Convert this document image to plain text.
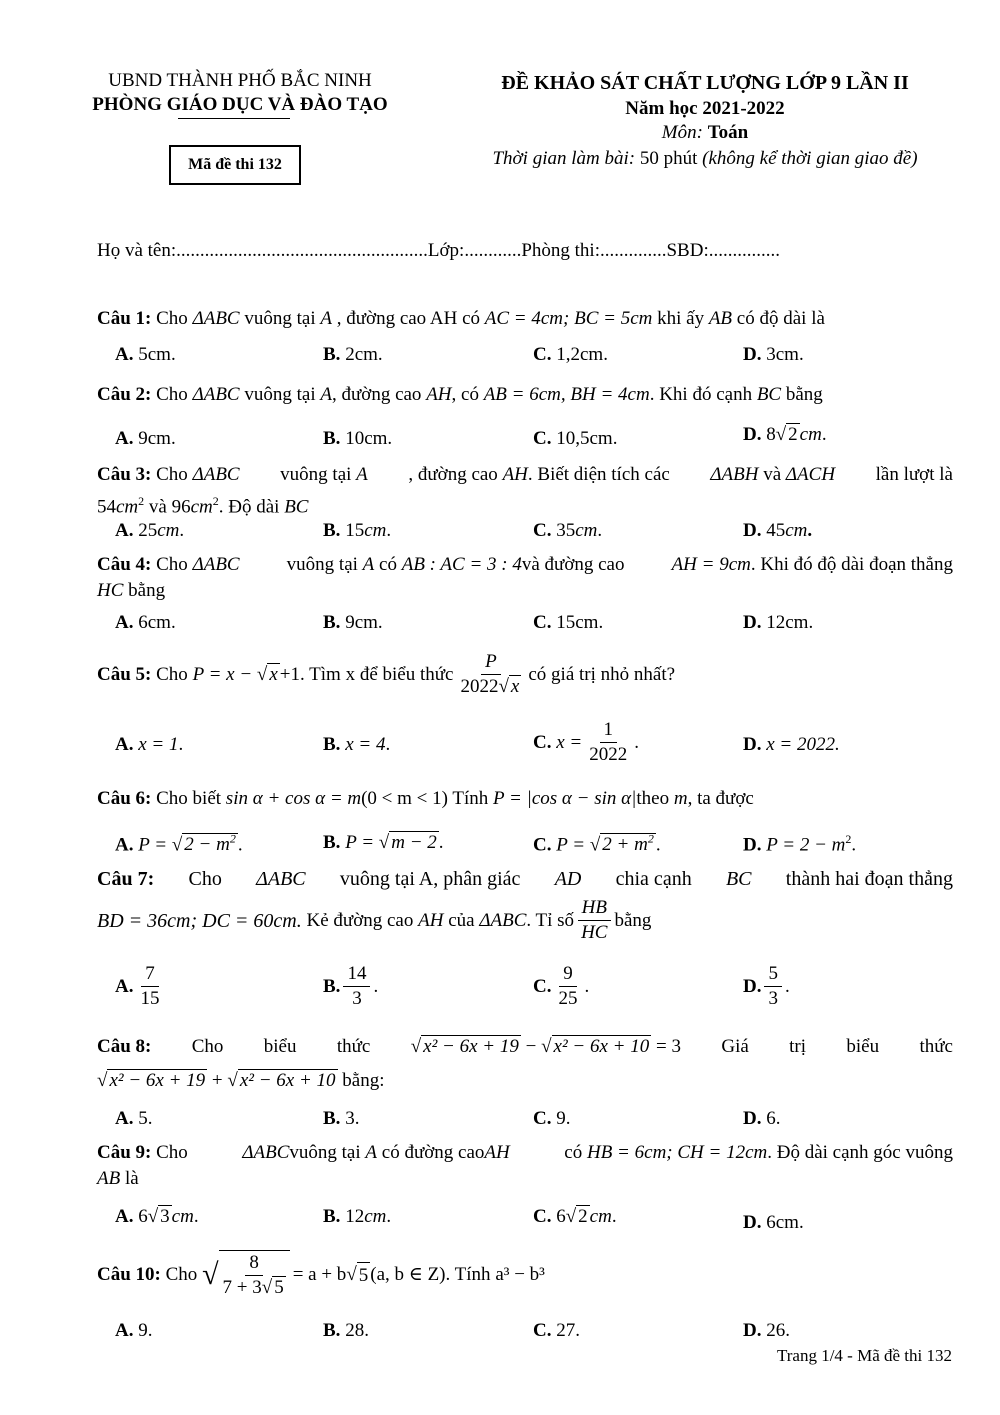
UBND THÀNH PHỐ BẮC NINH
PHÒNG GIÁO DỤC VÀ ĐÀO TẠO
Mã đề thi 132
ĐỀ KHẢO SÁT CHẤT LƯỢNG LỚP 9 LẦN II
Năm học 2021-2022
Môn: Toán
Thời gian làm bài: 50 phút (không kể thời gian giao đề)
Họ và tên:.....................................................Lớp:............Phòng thi:..............SBD:...............
Câu 1: Cho ΔABC vuông tại A , đường cao AH có AC = 4cm; BC = 5cm khi ấy AB có độ dài là
A. 5cm.	B. 2cm.	C. 1,2cm.	D. 3cm.
Câu 2: Cho ΔABC vuông tại A, đường cao AH, có AB = 6cm, BH = 4cm. Khi đó cạnh BC bằng
A. 9cm.	B. 10cm.	C. 10,5cm.	D. 8√ 2 cm.
Câu 3: Cho ΔABC vuông tại A , đường cao AH. Biết diện tích các ΔABH và ΔACH lần lượt là
$54cm^2$ và $96cm^2$. Độ dài BC
A. 25cm.	B. 15cm.	C. 35cm.	D. 45cm.
Câu 4: Cho ΔABC vuông tại A có AB : AC = 3 : 4và đường cao AH = 9cm. Khi đó độ dài đoạn thẳng
HC bằng
A. 6cm.	B. 9cm.	C. 15cm.	D. 12cm.
Câu 5: Cho P = x − √ x +1. Tìm x để biểu thức $\frac{P}{2022√ x}$ có giá trị nhỏ nhất?
A. x = 1.	B. x = 4.	C.
$x = \frac{1}{2022}$ .	D. x = 2022.
Câu 6: Cho biết sin α + cos α = m(0 < m < 1) Tính P = |cos α − sin α|theo m, ta được
A. P = √ $2 - m^2$ .	B. P = √ m − 2 .	C. P = √ $2 + m^2$ .	D. $P = 2 - m^2$.
Câu 7: Cho ΔABC vuông tại A, phân giác AD chia cạnh BC thành hai đoạn thẳng
BD = 36cm; DC = 60cm.
Kẻ đường cao
AH
của
ΔABC . Tỉ số $\frac{HB}{HC}$ bằng
A. $\frac{7}{15}$	B. $\frac{14}{3}$ .	C. $\frac{9}{25}$ .	D. $\frac{5}{3}$ .
Câu 8: Cho biểu thức √ x² − 6x + 19 − √ x² − 6x + 10 = 3 Giá trị biểu thức
√ x² − 6x + 19 + √ x² − 6x + 10 bằng:
A. 5.	B. 3.	C. 9.	D. 6.
Câu 9: Cho	ΔABCvuông tại A có đường caoAH	có HB = 6cm; CH = 12cm. Độ dài cạnh góc vuông
AB là
A. 6√ 3 cm.	B. 12cm.	C. 6√ 2 cm.	D. 6cm.
Câu 10:
Cho
√ $\frac{8}{7 + 3√ 5} = a + b$ √ 5 (a, b ∈ Z) . Tính
a³ − b³
A. 9.	B. 28.	C. 27.	D. 26.
Trang 1/4 - Mã đề thi 132
